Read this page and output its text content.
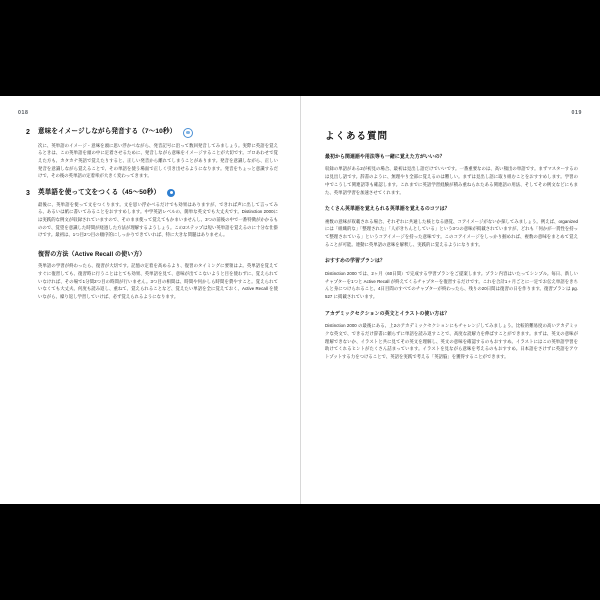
018
2	意味をイメージしながら発音する（7〜10秒）

次に、英単語のイメージ・意味を頭に思い浮かべながら、発音記号に沿って数回発音してみましょう。実際に英語を覚えるときは、この英単語を頭の中に定着させるために、発音しながら意味をイメージすることが大切です。ゴロあわせで覚えた方も、カタカナ英語で覚えたりすると、正しい発音から離れてしまうことがあります。発音を意識しながら、正しい発音を意識しながら覚えることで、その単語を使う場面で正しく引き出せるようになります。発音をちょっと意識するだけで、その後の英単語の定着率が大きく変わってきます。

3	英単語を使って文をつくる（45〜50秒）

最後に、英単語を使って文をつくります。文を思い浮かべるだけでも効果はありますが、できれば声に出して言ってみる、あるいは紙に書いてみることをおすすめします。中学英語レベルの、簡単な英文でも大丈夫です。Distinction 2000には実践的な例文が収録されていますので、そのまま使って覚えてもかまいませんし、3つの前後の中で一番特徴がかかるものので、覚望を意識した時間が経過した方法が理解するようしょう。この2ステップは短い英単語を覚えるのに十分な仕掛けです。最初は、1つ目2つ目の順序的にしっかりできていれば、特に大きな問題はありません。

復習の方法（Active Recall の使い方）

英単語の学習が終わったら、復習が大切です。記憶の定着を高めるより、復習のタイミングに要領はよ。英単語を覚えてすぐに復習しても、復習時に行うことはとても効果、英単語を見て、意味が出てこないようと目を使わずに、覚えられていなければ、その場で1分間2つ目の時間が行いません。3つ目の相間は、時間や何かしら時間を費やすこと。覚えられていなくても大丈夫、何度も読み返し、重ねて、覚えられることなど、覚えたい単語を全に覚えておく、Active Recall を使いながら、繰り返し学習していけば、必ず覚えられるようになります。

019
よくある質問

最初から関連語や用法等も一緒に覚えた方がいいの？

収録の単語がある2が初見の場合、最初は見出し語だけでいいです。一番重要なのは、高い頻出の単語です。まずマスターするのは見出し語です。辞書のように、無理やり全部に覚えるのは難しい。まずは見出し語に取り組むことをおすすめします。学習の中でこうして関連語等も確認します。これまでに英語学習経験が積み重ねられたある関連語の用法、そしてその例文などにもまた、英単語学習を加速させてくれます。

たくさん英単語を覚えられる英単語を覚えるのコツは？

複数の意味が収載される場合、それぞれに共通した核となる感覚、コアイメージがないか探してみましょう。例えば、organized には「組織的な」「整理された」「人がきちんとしている」という3つの意味が掲載されていますが、どれも「何かが一貫性を持って整理されている」というコアイメージを持った意味です。このコアイメージをしっかり掴めれば、複数の意味をまとめて覚えることが可能。連動に英単語の意味を解釈し、実践的に覚えるようになります。

おすすめの学習プランは？

Distinction 2000 では、2ヶ月（60日間）で完成する学習プランをご提案します。プラン内容はいたってシンプル。毎日、新しいチャプターを1つと Active Recall が終えてくるチャプターを復習するだけです。これを合計1ヶ月ごとに一定でお伝え単語をきちんと身につけられること。4日目間のすべてのチャプターが終わったら、残りの20日間は復習の日を作ります。復習プランは pg. 527 に掲載されています。

アカデミックセクションの英文とイラストの使い方は？

Distinction 2000 の最後にある、上2のアカデミックセクションにもチャレンジしてみましょう。比較的難易度の高いアカデミックな英文で、できるだけ辞書に頼らずに単語を読み返すことで、高度な読解力を伸ばすことができます。まずは、英文の意味が理解できないか、イラストと共に見てその英文を理解し、英文の意味を確認するのもおすすめ。イラストにはこの英単語学習を助けてくれるヒントがたくさん詰まっています。イラストを見ながら意味を考えるのもおすすめ。日本語をさけずに英語をアウトプットする力をつけることで、英語を実践で考える「英語脳」を獲得することができます。
